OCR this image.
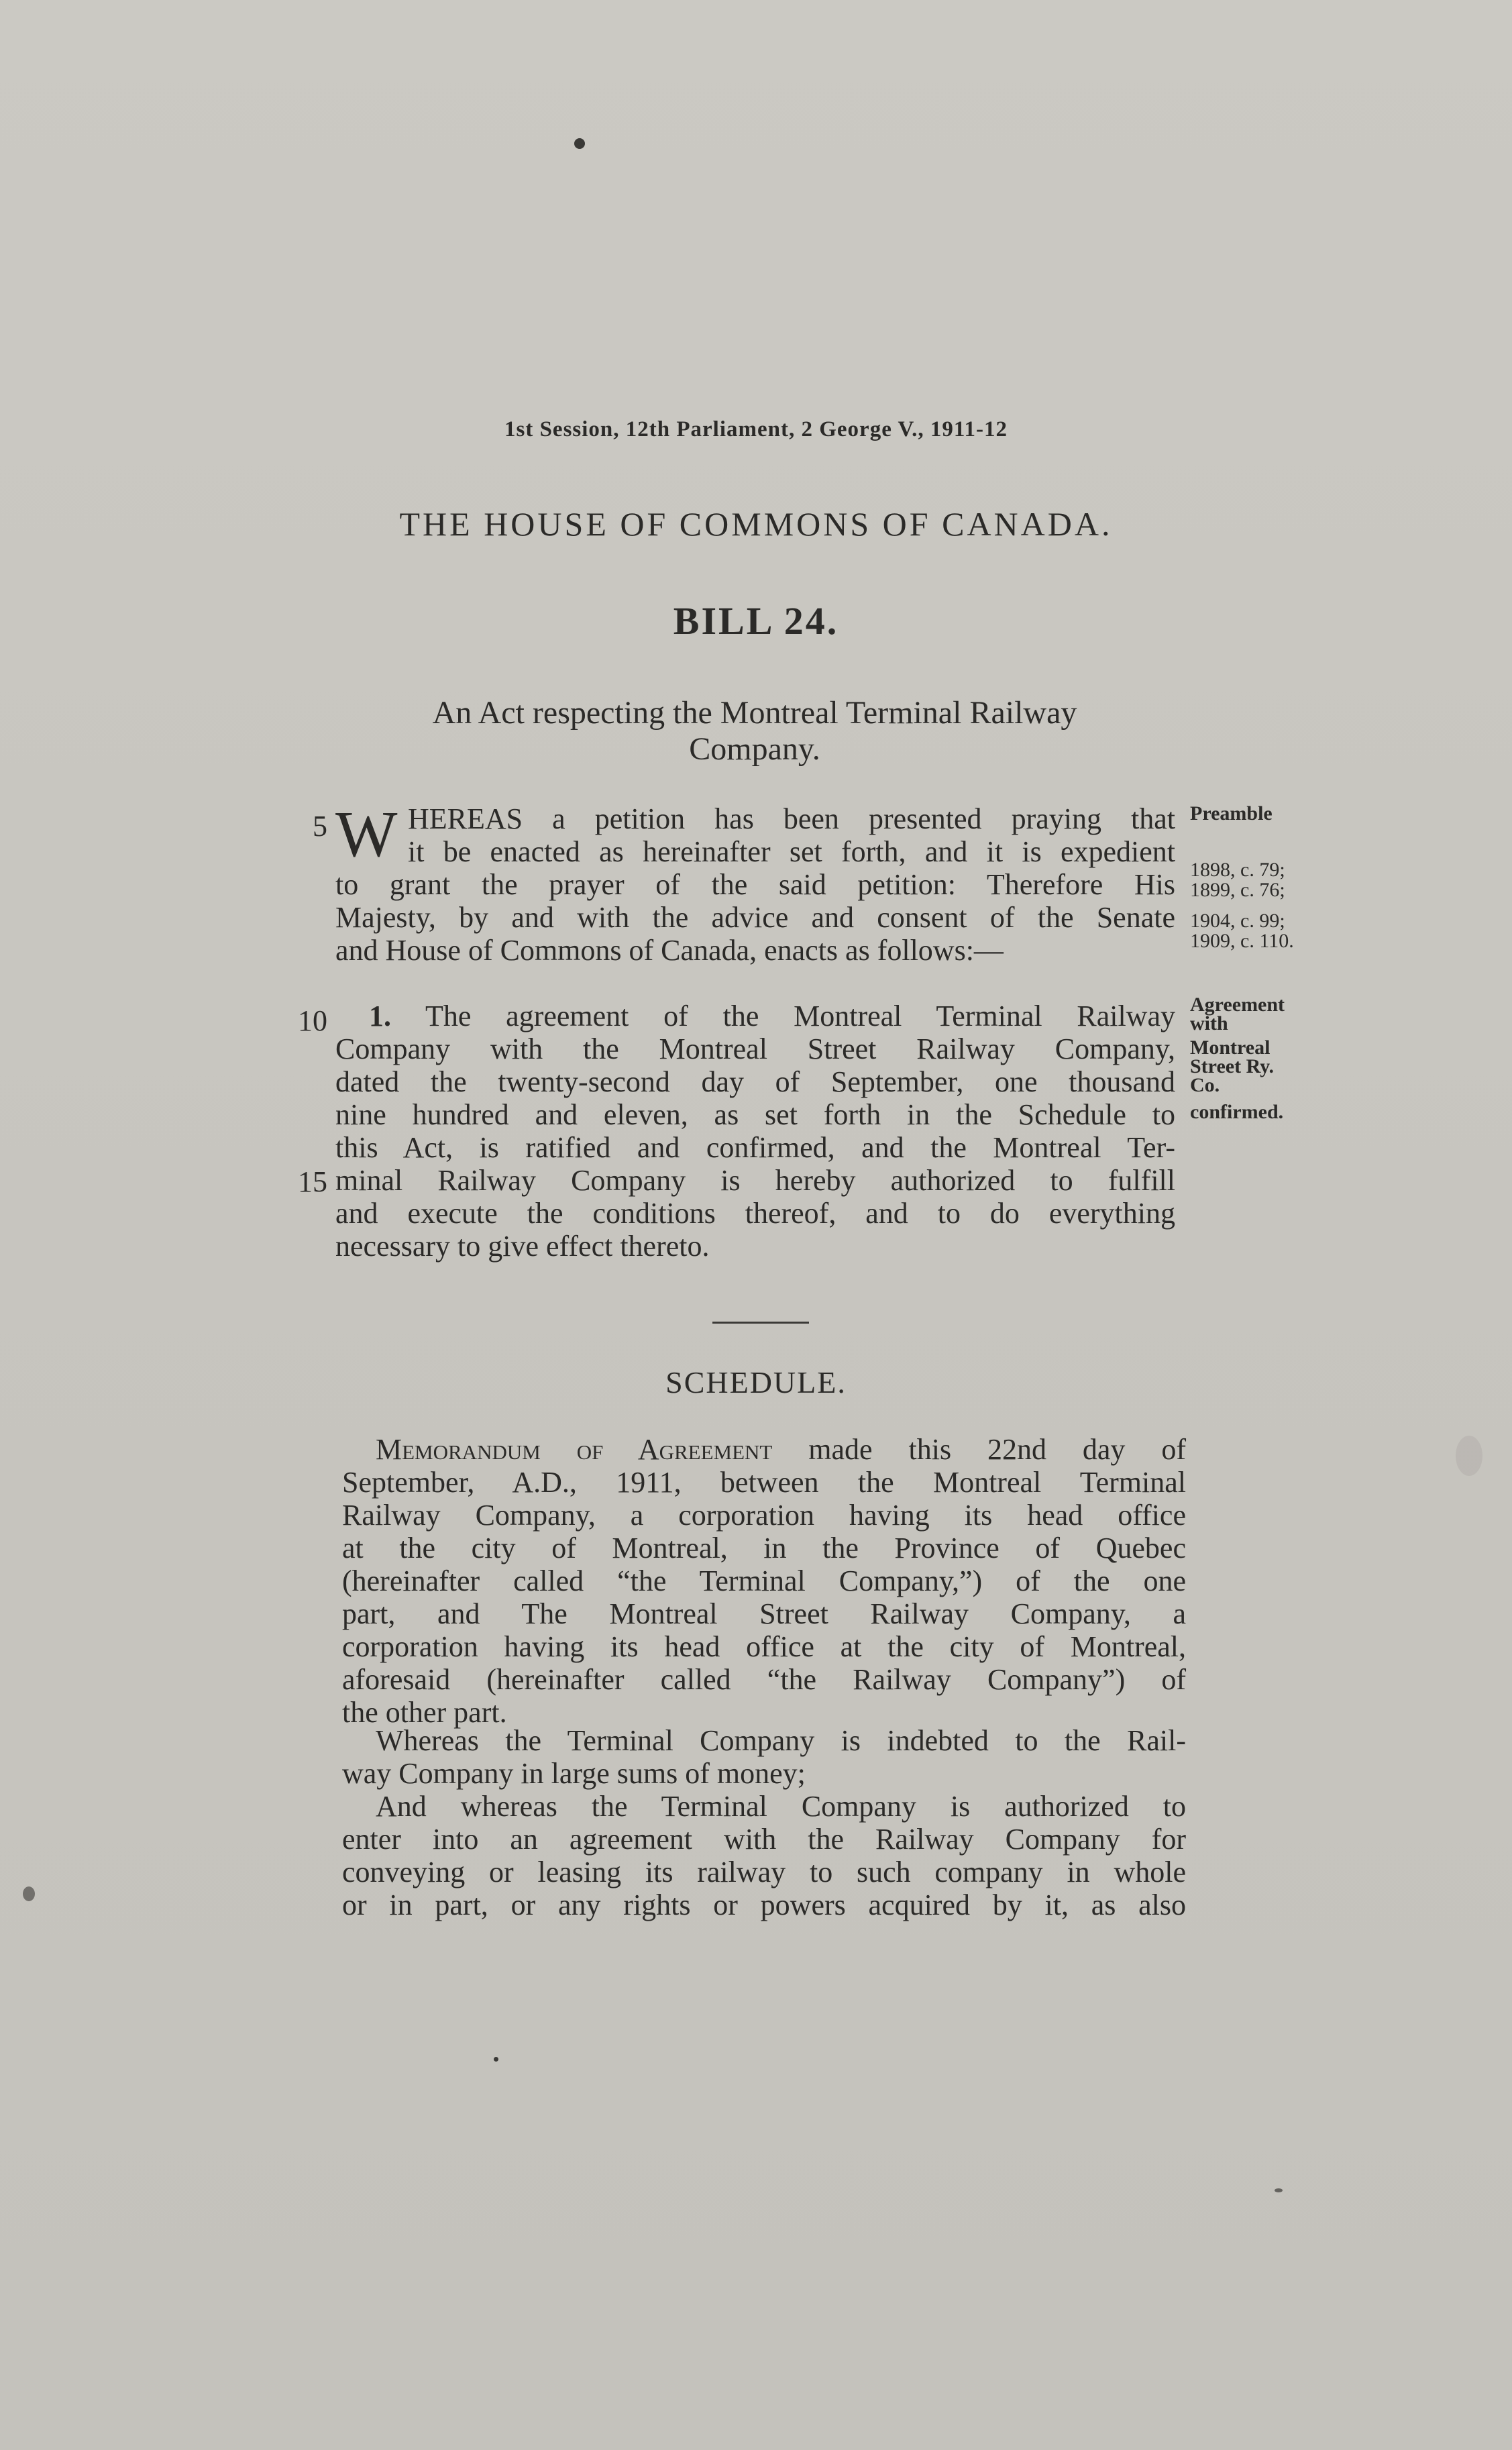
1st Session, 12th Parliament, 2 George V., 1911-12
THE HOUSE OF COMMONS OF CANADA.
BILL 24.
An Act respecting the Montreal Terminal Railway
Company.
5
10
15
W HEREAS a petition has been presented praying that
it be enacted as hereinafter set forth, and it is expedient
to grant the prayer of the said petition: Therefore His
Majesty, by and with the advice and consent of the Senate
and House of Commons of Canada, enacts as follows:—
Preamble
1898, c. 79;
1899, c. 76;
1904, c. 99;
1909, c. 110.
1. The agreement of the Montreal Terminal Railway
Company with the Montreal Street Railway Company,
dated the twenty-second day of September, one thousand
nine hundred and eleven, as set forth in the Schedule to
this Act, is ratified and confirmed, and the Montreal Ter-
minal Railway Company is hereby authorized to fulfill
and execute the conditions thereof, and to do everything
necessary to give effect thereto.
Agreement
with
Montreal
Street Ry.
Co.
confirmed.
SCHEDULE.
Memorandum of Agreement made this 22nd day of
September, A.D., 1911, between the Montreal Terminal
Railway Company, a corporation having its head office
at the city of Montreal, in the Province of Quebec
(hereinafter called “the Terminal Company,”) of the one
part, and The Montreal Street Railway Company, a
corporation having its head office at the city of Montreal,
aforesaid (hereinafter called “the Railway Company”) of
the other part.
Whereas the Terminal Company is indebted to the Rail-
way Company in large sums of money;
And whereas the Terminal Company is authorized to
enter into an agreement with the Railway Company for
conveying or leasing its railway to such company in whole
or in part, or any rights or powers acquired by it, as also
